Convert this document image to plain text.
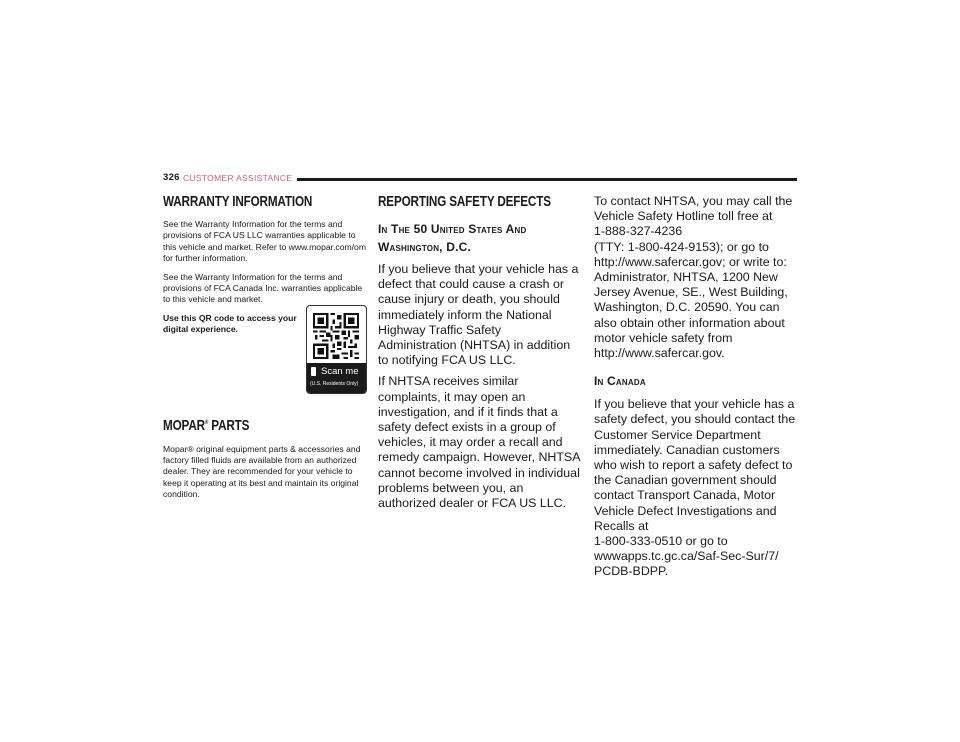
326 CUSTOMER ASSISTANCE
WARRANTY INFORMATION

See the Warranty Information for the terms and provisions of FCA US LLC warranties applicable to this vehicle and market. Refer to www.mopar.com/om for further information.

See the Warranty Information for the terms and provisions of FCA Canada Inc. warranties applicable to this vehicle and market.

Use this QR code to access your
digital experience.

Scan me
(U.S. Residents Only)
MOPAR® PARTS

Mopar® original equipment parts & accessories and factory filled fluids are available from an authorized dealer. They are recommended for your vehicle to keep it operating at its best and maintain its original condition.

REPORTING SAFETY DEFECTS
In The 50 United States And Washington, D.C.

If you believe that your vehicle has a defect that could cause a crash or cause injury or death, you should immediately inform the National Highway Traffic Safety Administration (NHTSA) in addition to notifying FCA US LLC.

If NHTSA receives similar complaints, it may open an investigation, and if it finds that a safety defect exists in a group of vehicles, it may order a recall and remedy campaign. However, NHTSA cannot become involved in individual problems between you, an authorized dealer or FCA US LLC.

To contact NHTSA, you may call the Vehicle Safety Hotline toll free at
1-888-327-4236
(TTY: 1-800-424-9153); or go to http://www.safercar.gov; or write to: Administrator, NHTSA, 1200 New Jersey Avenue, SE., West Building, Washington, D.C. 20590. You can also obtain other information about motor vehicle safety from http://www.safercar.gov.

In Canada

If you believe that your vehicle has a safety defect, you should contact the Customer Service Department immediately. Canadian customers who wish to report a safety defect to the Canadian government should contact Transport Canada, Motor Vehicle Defect Investigations and Recalls at
1-800-333-0510 or go to
wwwapps.tc.gc.ca/Saf-Sec-Sur/7/
PCDB-BDPP.
